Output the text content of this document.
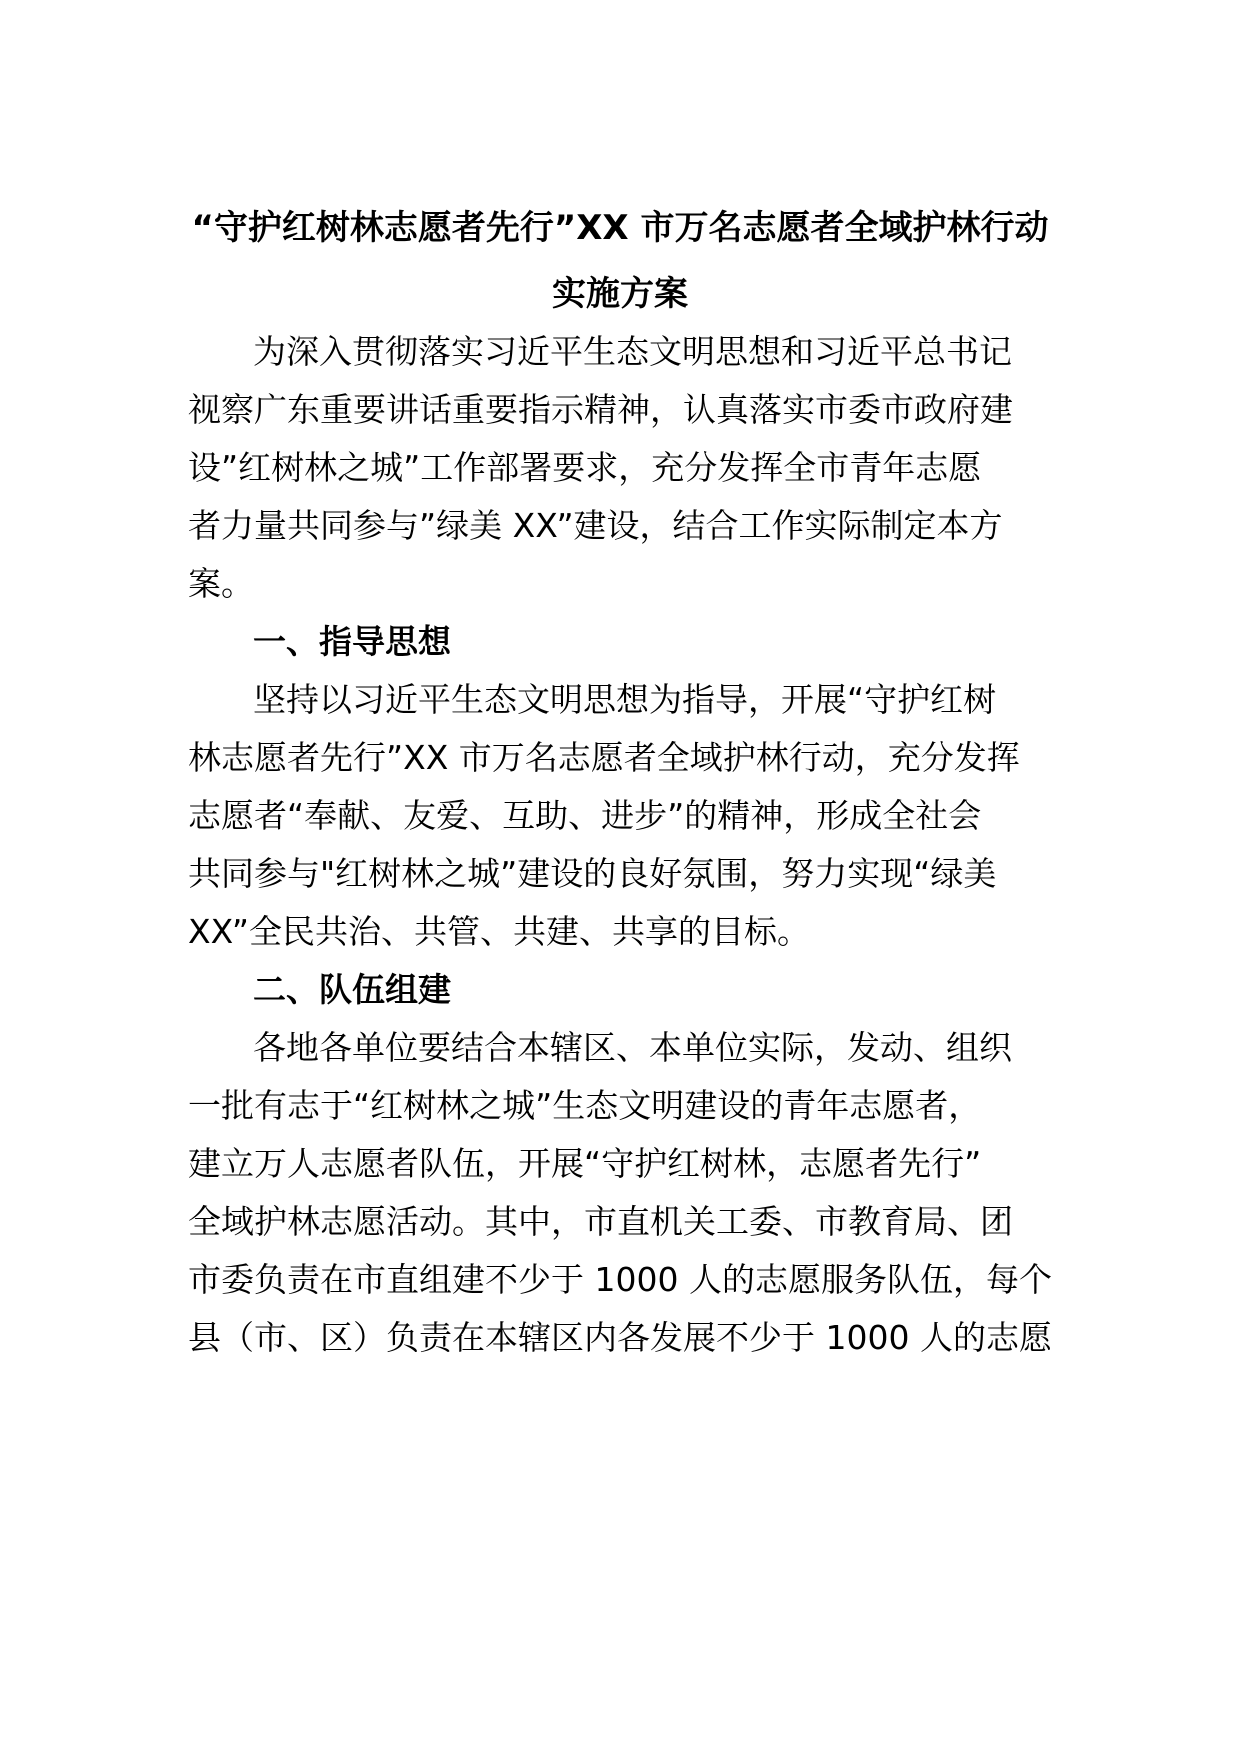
“守护红树林志愿者先行”XX 市万名志愿者全域护林行动
实施方案
为深入贯彻落实习近平生态文明思想和习近平总书记
视察广东重要讲话重要指示精神，认真落实市委市政府建
设”红树林之城”工作部署要求，充分发挥全市青年志愿
者力量共同参与”绿美 XX”建设，结合工作实际制定本方
案。
一、指导思想
坚持以习近平生态文明思想为指导，开展“守护红树
林志愿者先行”XX 市万名志愿者全域护林行动，充分发挥
志愿者“奉献、友爱、互助、进步”的精神，形成全社会
共同参与"红树林之城”建设的良好氛围，努力实现“绿美
XX”全民共治、共管、共建、共享的目标。
二、队伍组建
各地各单位要结合本辖区、本单位实际，发动、组织
一批有志于“红树林之城”生态文明建设的青年志愿者，
建立万人志愿者队伍，开展“守护红树林，志愿者先行”
全域护林志愿活动。其中，市直机关工委、市教育局、团
市委负责在市直组建不少于 1000 人的志愿服务队伍，每个
县（市、区）负责在本辖区内各发展不少于 1000 人的志愿
